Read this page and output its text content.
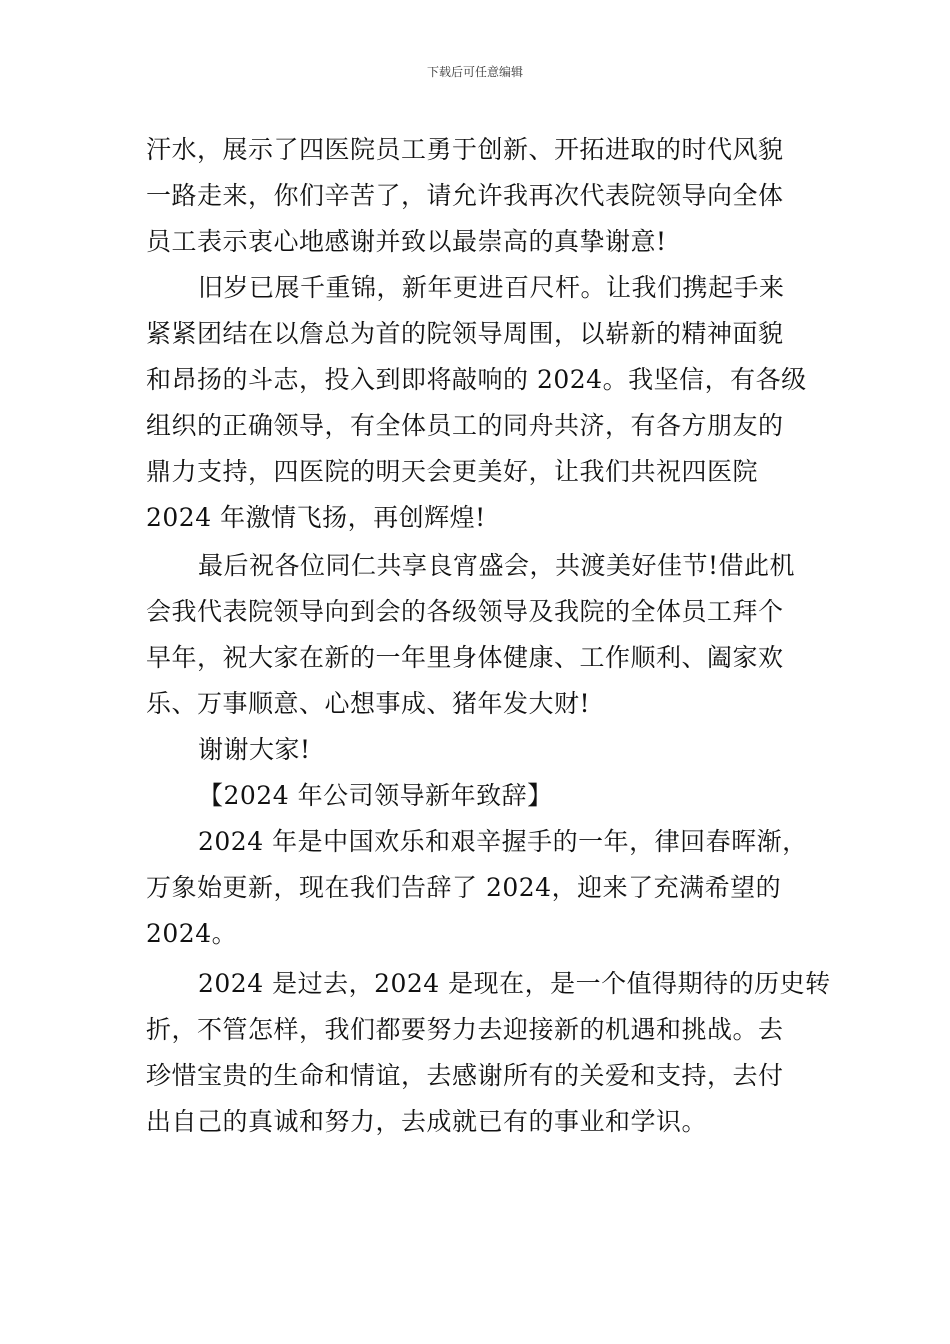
下载后可任意编辑
汗水，展示了四医院员工勇于创新、开拓进取的时代风貌
一路走来，你们辛苦了，请允许我再次代表院领导向全体
员工表示衷心地感谢并致以最崇高的真挚谢意!
旧岁已展千重锦，新年更进百尺杆。让我们携起手来
紧紧团结在以詹总为首的院领导周围，以崭新的精神面貌
和昂扬的斗志，投入到即将敲响的 2024。我坚信，有各级
组织的正确领导，有全体员工的同舟共济，有各方朋友的
鼎力支持，四医院的明天会更美好，让我们共祝四医院
2024 年激情飞扬，再创辉煌!
最后祝各位同仁共享良宵盛会，共渡美好佳节!借此机
会我代表院领导向到会的各级领导及我院的全体员工拜个
早年，祝大家在新的一年里身体健康、工作顺利、阖家欢
乐、万事顺意、心想事成、猪年发大财!
谢谢大家!
【2024 年公司领导新年致辞】
2024 年是中国欢乐和艰辛握手的一年，律回春晖渐，
万象始更新，现在我们告辞了 2024，迎来了充满希望的
2024。
2024 是过去，2024 是现在，是一个值得期待的历史转
折，不管怎样，我们都要努力去迎接新的机遇和挑战。去
珍惜宝贵的生命和情谊，去感谢所有的关爱和支持，去付
出自己的真诚和努力，去成就已有的事业和学识。
